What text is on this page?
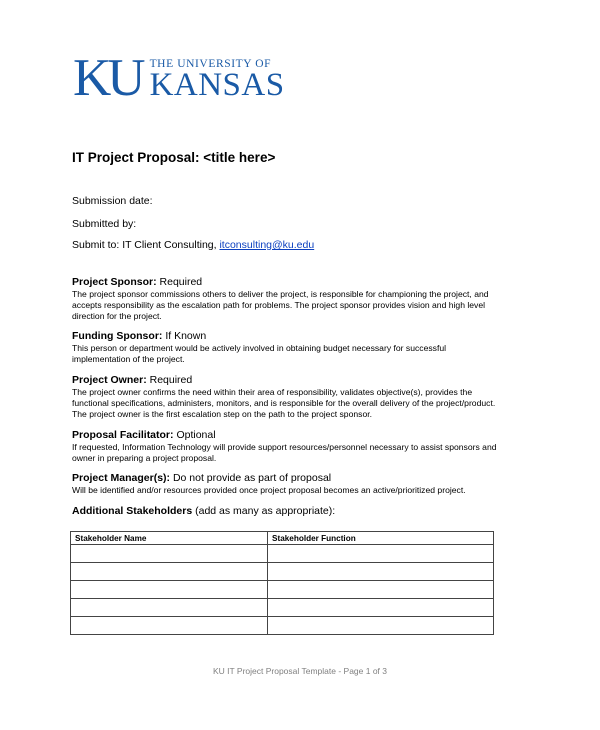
KU THE UNIVERSITY OF
KANSAS
IT Project Proposal: <title here>
Submission date:
Submitted by:
Submit to: IT Client Consulting, itconsulting@ku.edu
Project Sponsor: Required
The project sponsor commissions others to deliver the project, is responsible for championing the project, and
accepts responsibility as the escalation path for problems. The project sponsor provides vision and high level
direction for the project.
Funding Sponsor: If Known
This person or department would be actively involved in obtaining budget necessary for successful
implementation of the project.
Project Owner: Required
The project owner confirms the need within their area of responsibility, validates objective(s), provides the
functional specifications, administers, monitors, and is responsible for the overall delivery of the project/product.
The project owner is the first escalation step on the path to the project sponsor.
Proposal Facilitator: Optional
If requested, Information Technology will provide support resources/personnel necessary to assist sponsors and
owner in preparing a project proposal.
Project Manager(s): Do not provide as part of proposal
Will be identified and/or resources provided once project proposal becomes an active/prioritized project.
Additional Stakeholders (add as many as appropriate):
Stakeholder Name	Stakeholder Function

KU IT Project Proposal Template - Page 1 of 3
